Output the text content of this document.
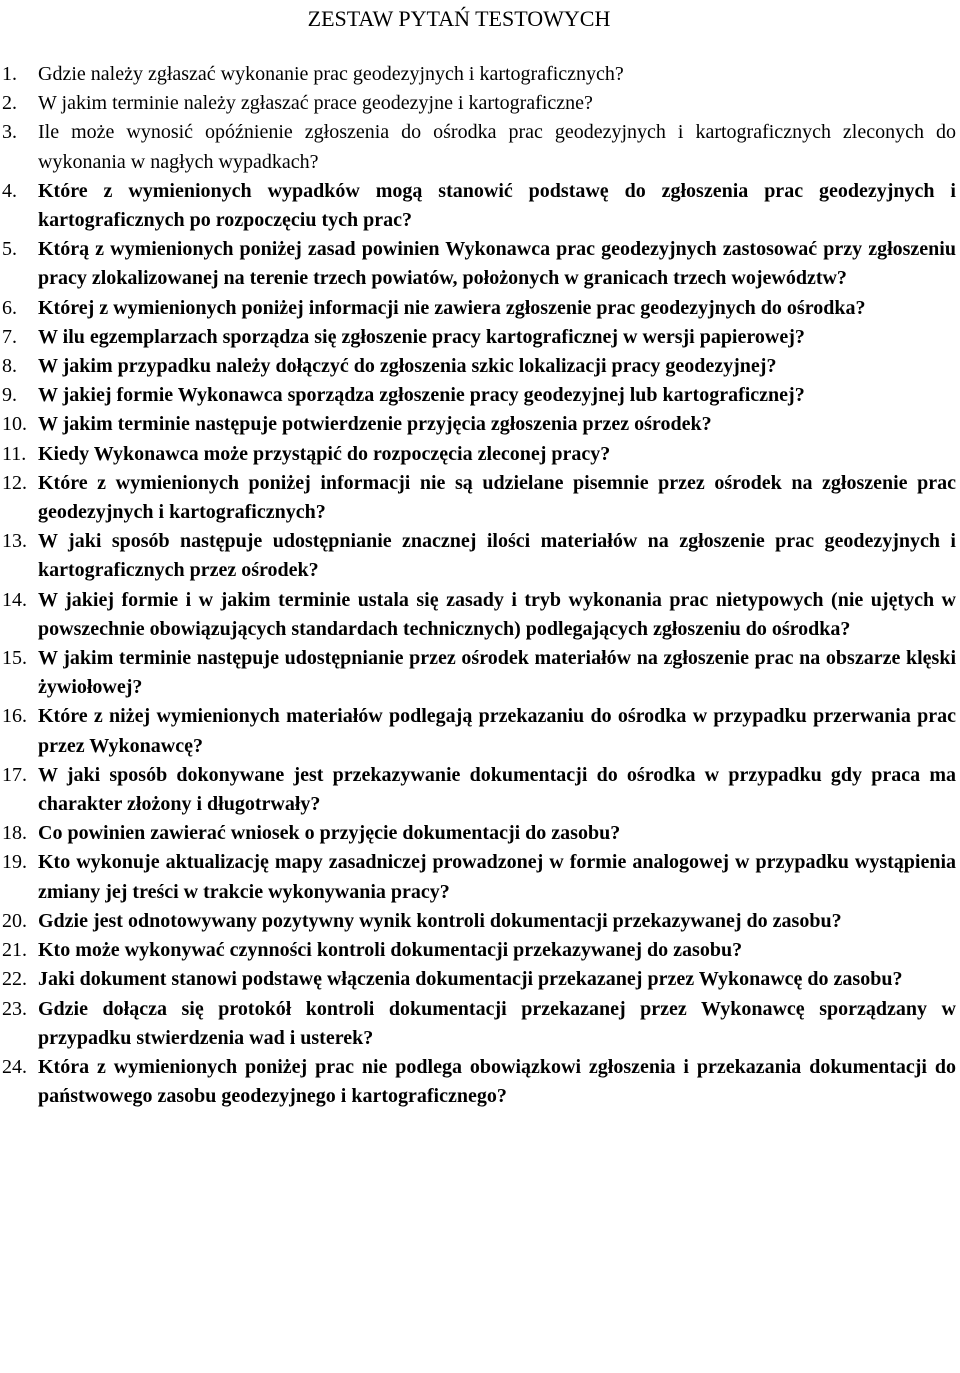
ZESTAW PYTAŃ TESTOWYCH
1.	Gdzie należy zgłaszać wykonanie prac geodezyjnych i kartograficznych?
2.	W jakim terminie należy zgłaszać prace geodezyjne i kartograficzne?
3.	Ile może wynosić opóźnienie zgłoszenia do ośrodka prac geodezyjnych i kartograficznych zleconych do wykonania w nagłych wypadkach?
4.	Które z wymienionych wypadków mogą stanowić podstawę do zgłoszenia prac geodezyjnych i kartograficznych po rozpoczęciu tych prac?
5.	Którą z wymienionych poniżej zasad powinien Wykonawca prac geodezyjnych zastosować przy zgłoszeniu pracy zlokalizowanej na terenie trzech powiatów, położonych w granicach trzech województw?
6.	Której z wymienionych poniżej informacji nie zawiera zgłoszenie prac geodezyjnych do ośrodka?
7.	W ilu egzemplarzach sporządza się zgłoszenie pracy kartograficznej w wersji papierowej?
8.	W jakim przypadku należy dołączyć do zgłoszenia szkic lokalizacji pracy geodezyjnej?
9.	W jakiej formie Wykonawca sporządza zgłoszenie pracy geodezyjnej lub kartograficznej?
10. W jakim terminie następuje potwierdzenie przyjęcia zgłoszenia przez ośrodek?
11. Kiedy Wykonawca może przystąpić do rozpoczęcia zleconej pracy?
12. Które z wymienionych poniżej informacji nie są udzielane pisemnie przez ośrodek na zgłoszenie prac geodezyjnych i kartograficznych?
13. W jaki sposób następuje udostępnianie znacznej ilości materiałów na zgłoszenie prac geodezyjnych i kartograficznych przez ośrodek?
14. W jakiej formie i w jakim terminie ustala się zasady i tryb wykonania prac nietypowych (nie ujętych w powszechnie obowiązujących standardach technicznych) podlegających zgłoszeniu do ośrodka?
15. W jakim terminie następuje udostępnianie przez ośrodek materiałów na zgłoszenie prac na obszarze klęski żywiołowej?
16. Które z niżej wymienionych materiałów podlegają przekazaniu do ośrodka w przypadku przerwania prac przez Wykonawcę?
17. W jaki sposób dokonywane jest przekazywanie dokumentacji do ośrodka w przypadku gdy praca ma charakter złożony i długotrwały?
18. Co powinien zawierać wniosek o przyjęcie dokumentacji do zasobu?
19. Kto wykonuje aktualizację mapy zasadniczej prowadzonej w formie analogowej w przypadku wystąpienia zmiany jej treści w trakcie wykonywania pracy?
20. Gdzie jest odnotowywany pozytywny wynik kontroli dokumentacji przekazywanej do zasobu?
21. Kto może wykonywać czynności kontroli dokumentacji przekazywanej do zasobu?
22. Jaki dokument stanowi podstawę włączenia dokumentacji przekazanej przez Wykonawcę do zasobu?
23. Gdzie dołącza się protokół kontroli dokumentacji przekazanej przez Wykonawcę sporządzany w przypadku stwierdzenia wad i usterek?
24. Która z wymienionych poniżej prac nie podlega obowiązkowi zgłoszenia i przekazania dokumentacji do państwowego zasobu geodezyjnego i kartograficznego?
